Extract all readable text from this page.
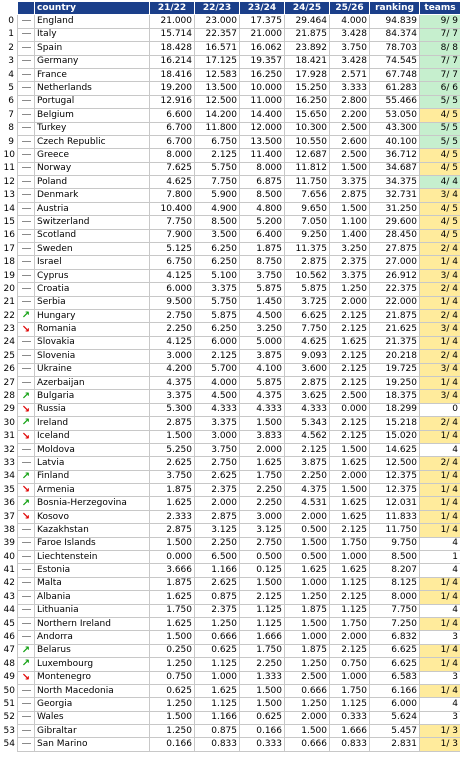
		country	21/22	22/23	23/24	24/25	25/26	ranking	teams
0		England	21.000	23.000	17.375	29.464	4.000	94.839	9/ 9
1		Italy	15.714	22.357	21.000	21.875	3.428	84.374	7/ 7
2		Spain	18.428	16.571	16.062	23.892	3.750	78.703	8/ 8
3		Germany	16.214	17.125	19.357	18.421	3.428	74.545	7/ 7
4		France	18.416	12.583	16.250	17.928	2.571	67.748	7/ 7
5		Netherlands	19.200	13.500	10.000	15.250	3.333	61.283	6/ 6
6		Portugal	12.916	12.500	11.000	16.250	2.800	55.466	5/ 5
7		Belgium	6.600	14.200	14.400	15.650	2.200	53.050	4/ 5
8		Turkey	6.700	11.800	12.000	10.300	2.500	43.300	5/ 5
9		Czech Republic	6.700	6.750	13.500	10.550	2.600	40.100	5/ 5
10		Greece	8.000	2.125	11.400	12.687	2.500	36.712	4/ 5
11		Norway	7.625	5.750	8.000	11.812	1.500	34.687	4/ 5
12		Poland	4.625	7.750	6.875	11.750	3.375	34.375	4/ 4
13		Denmark	7.800	5.900	8.500	7.656	2.875	32.731	3/ 4
14		Austria	10.400	4.900	4.800	9.650	1.500	31.250	4/ 5
15		Switzerland	7.750	8.500	5.200	7.050	1.100	29.600	4/ 5
16		Scotland	7.900	3.500	6.400	9.250	1.400	28.450	4/ 5
17		Sweden	5.125	6.250	1.875	11.375	3.250	27.875	2/ 4
18		Israel	6.750	6.250	8.750	2.875	2.375	27.000	1/ 4
19		Cyprus	4.125	5.100	3.750	10.562	3.375	26.912	3/ 4
20		Croatia	6.000	3.375	5.875	5.875	1.250	22.375	2/ 4
21		Serbia	9.500	5.750	1.450	3.725	2.000	22.000	1/ 4
22	↗	Hungary	2.750	5.875	4.500	6.625	2.125	21.875	2/ 4
23	↘	Romania	2.250	6.250	3.250	7.750	2.125	21.625	3/ 4
24		Slovakia	4.125	6.000	5.000	4.625	1.625	21.375	1/ 4
25		Slovenia	3.000	2.125	3.875	9.093	2.125	20.218	2/ 4
26		Ukraine	4.200	5.700	4.100	3.600	2.125	19.725	3/ 4
27		Azerbaijan	4.375	4.000	5.875	2.875	2.125	19.250	1/ 4
28	↗	Bulgaria	3.375	4.500	4.375	3.625	2.500	18.375	3/ 4
29	↘	Russia	5.300	4.333	4.333	4.333	0.000	18.299	0
30	↗	Ireland	2.875	3.375	1.500	5.343	2.125	15.218	2/ 4
31	↘	Iceland	1.500	3.000	3.833	4.562	2.125	15.020	1/ 4
32		Moldova	5.250	3.750	2.000	2.125	1.500	14.625	4
33		Latvia	2.625	2.750	1.625	3.875	1.625	12.500	2/ 4
34	↗	Finland	3.750	2.625	1.750	2.250	2.000	12.375	1/ 4
35	↘	Armenia	1.875	2.375	2.250	4.375	1.500	12.375	1/ 4
36	↗	Bosnia-Herzegovina	1.625	2.000	2.250	4.531	1.625	12.031	1/ 4
37	↘	Kosovo	2.333	2.875	3.000	2.000	1.625	11.833	1/ 4
38		Kazakhstan	2.875	3.125	3.125	0.500	2.125	11.750	1/ 4
39		Faroe Islands	1.500	2.250	2.750	1.500	1.750	9.750	4
40		Liechtenstein	0.000	6.500	0.500	0.500	1.000	8.500	1
41		Estonia	3.666	1.166	0.125	1.625	1.625	8.207	4
42		Malta	1.875	2.625	1.500	1.000	1.125	8.125	1/ 4
43		Albania	1.625	0.875	2.125	1.250	2.125	8.000	1/ 4
44		Lithuania	1.750	2.375	1.125	1.875	1.125	7.750	4
45		Northern Ireland	1.625	1.250	1.125	1.500	1.750	7.250	1/ 4
46		Andorra	1.500	0.666	1.666	1.000	2.000	6.832	3
47	↗	Belarus	0.250	0.625	1.750	1.875	2.125	6.625	1/ 4
48	↗	Luxembourg	1.250	1.125	2.250	1.250	0.750	6.625	1/ 4
49	↘	Montenegro	0.750	1.000	1.333	2.500	1.000	6.583	3
50		North Macedonia	0.625	1.625	1.500	0.666	1.750	6.166	1/ 4
51		Georgia	1.250	1.125	1.500	1.250	1.125	6.000	4
52		Wales	1.500	1.166	0.625	2.000	0.333	5.624	3
53		Gibraltar	1.250	0.875	0.166	1.500	1.666	5.457	1/ 3
54		San Marino	0.166	0.833	0.333	0.666	0.833	2.831	1/ 3
